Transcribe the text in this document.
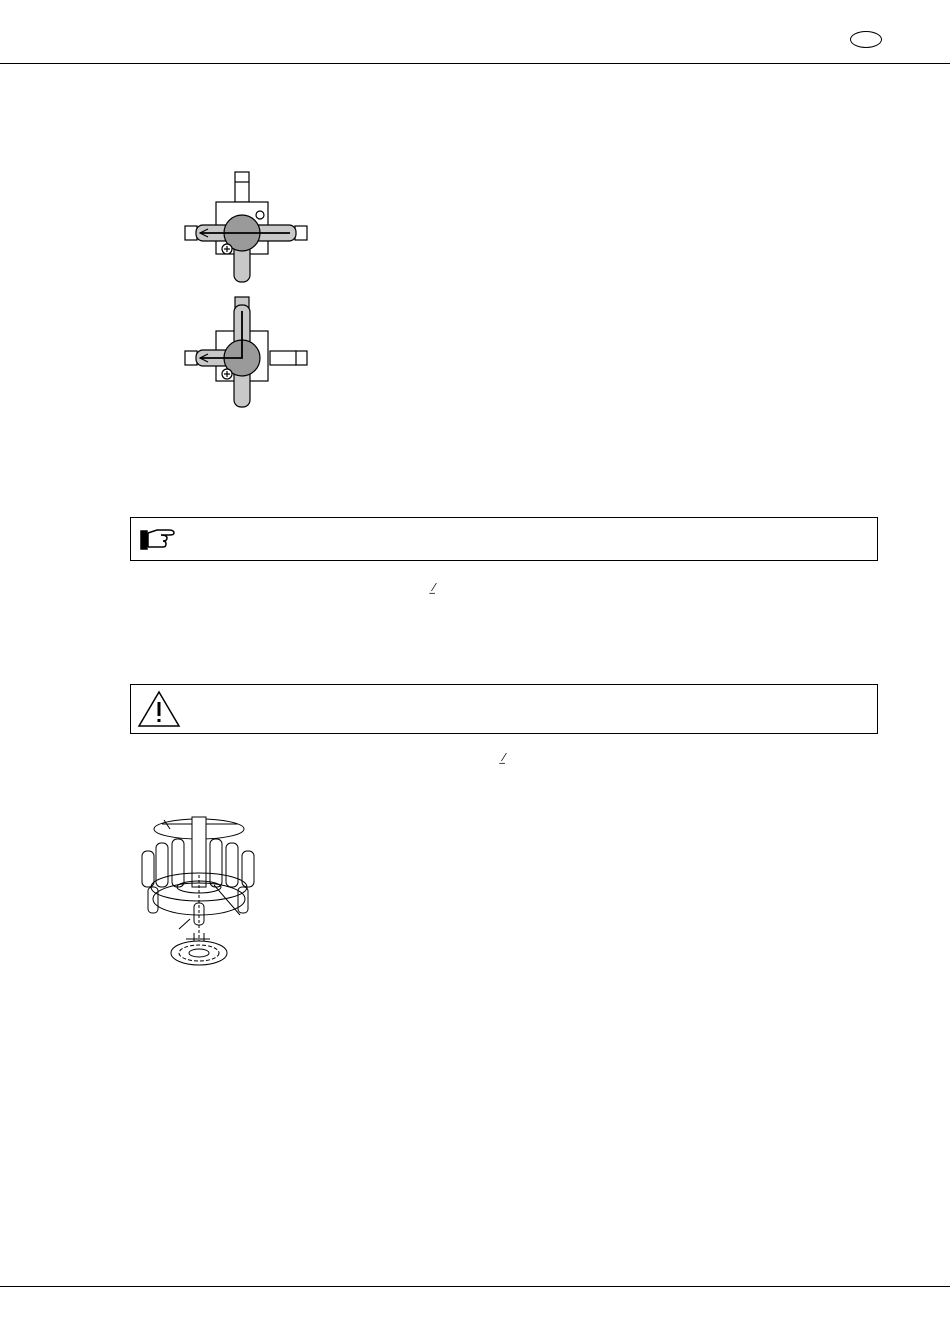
⁄̲
⁄̲
